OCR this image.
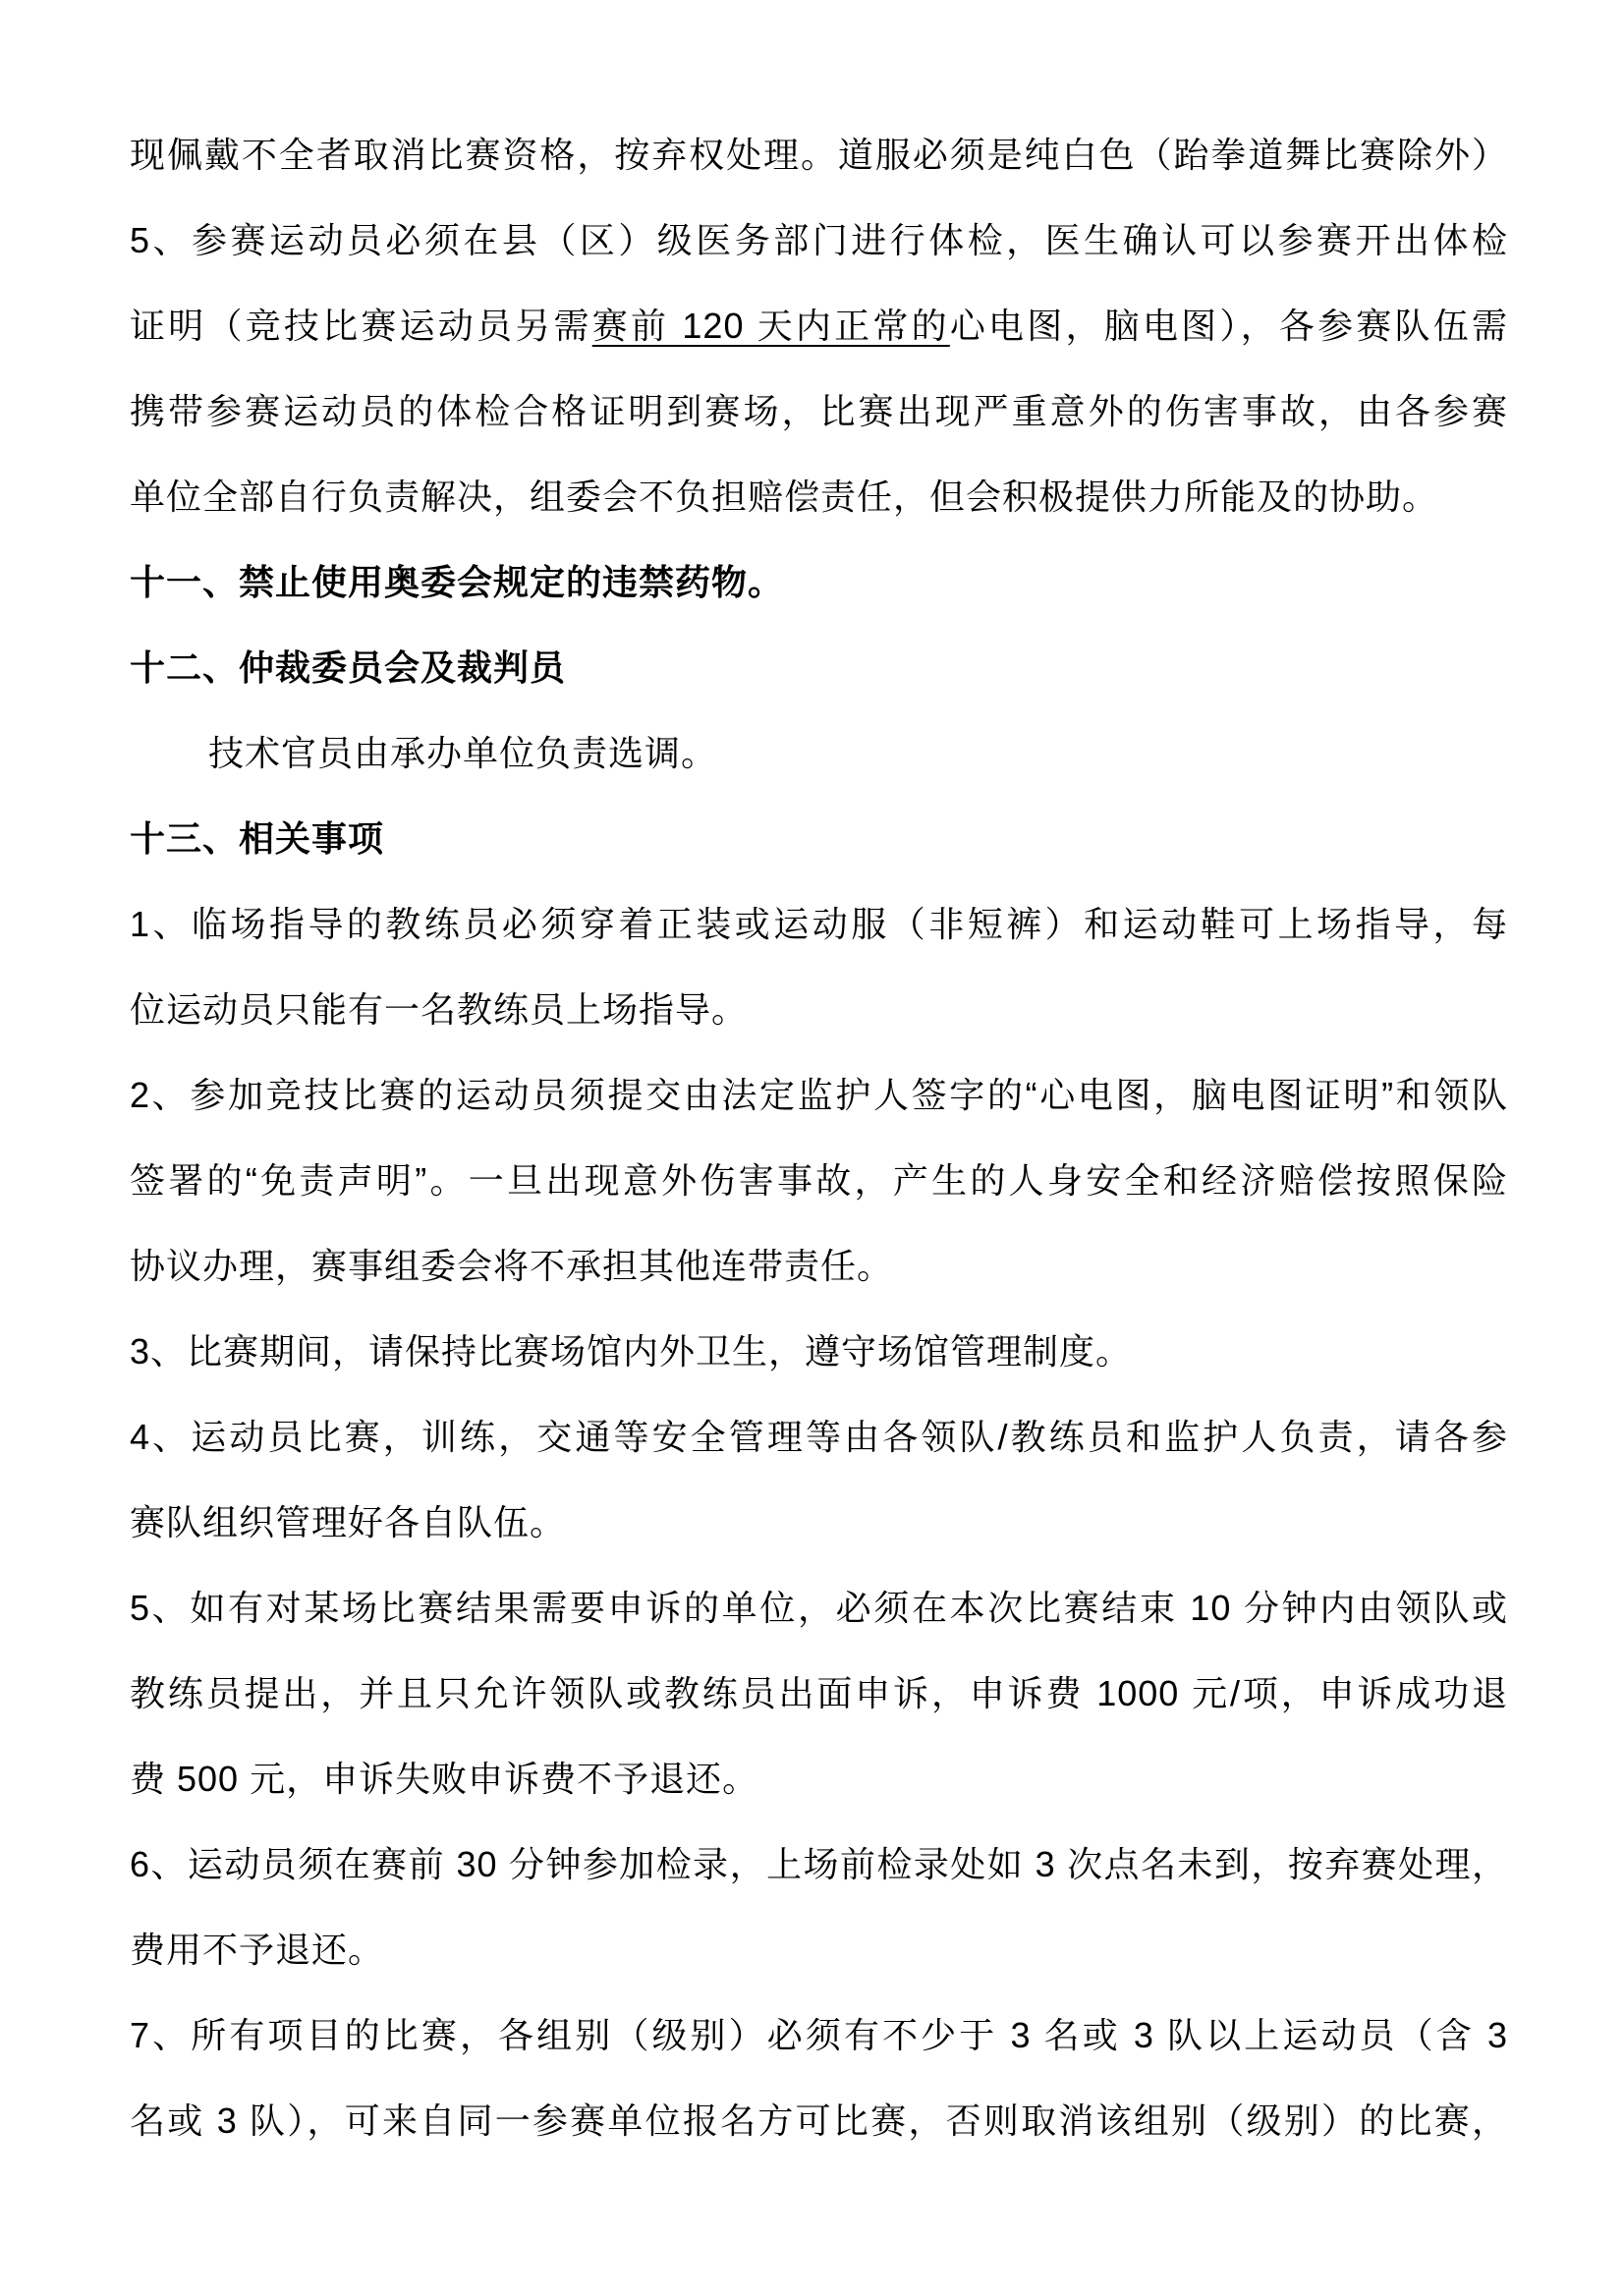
现佩戴不全者取消比赛资格，按弃权处理。道服必须是纯白色（跆拳道舞比赛除外）
5、参赛运动员必须在县（区）级医务部门进行体检，医生确认可以参赛开出体检
证明（竞技比赛运动员另需赛前 120 天内正常的心电图，脑电图），各参赛队伍需
携带参赛运动员的体检合格证明到赛场，比赛出现严重意外的伤害事故，由各参赛
单位全部自行负责解决，组委会不负担赔偿责任，但会积极提供力所能及的协助。
十一、禁止使用奥委会规定的违禁药物。
十二、仲裁委员会及裁判员
技术官员由承办单位负责选调。
十三、相关事项
1、临场指导的教练员必须穿着正装或运动服（非短裤）和运动鞋可上场指导，每
位运动员只能有一名教练员上场指导。
2、参加竞技比赛的运动员须提交由法定监护人签字的“心电图，脑电图证明”和领队
签署的“免责声明”。一旦出现意外伤害事故，产生的人身安全和经济赔偿按照保险
协议办理，赛事组委会将不承担其他连带责任。
3、比赛期间，请保持比赛场馆内外卫生，遵守场馆管理制度。
4、运动员比赛，训练，交通等安全管理等由各领队/教练员和监护人负责，请各参
赛队组织管理好各自队伍。
5、如有对某场比赛结果需要申诉的单位，必须在本次比赛结束 10 分钟内由领队或
教练员提出，并且只允许领队或教练员出面申诉，申诉费 1000 元/项，申诉成功退
费 500 元，申诉失败申诉费不予退还。
6、运动员须在赛前 30 分钟参加检录，上场前检录处如 3 次点名未到，按弃赛处理，
费用不予退还。
7、所有项目的比赛，各组别（级别）必须有不少于 3 名或 3 队以上运动员（含 3
名或 3 队），可来自同一参赛单位报名方可比赛，否则取消该组别（级别）的比赛，
